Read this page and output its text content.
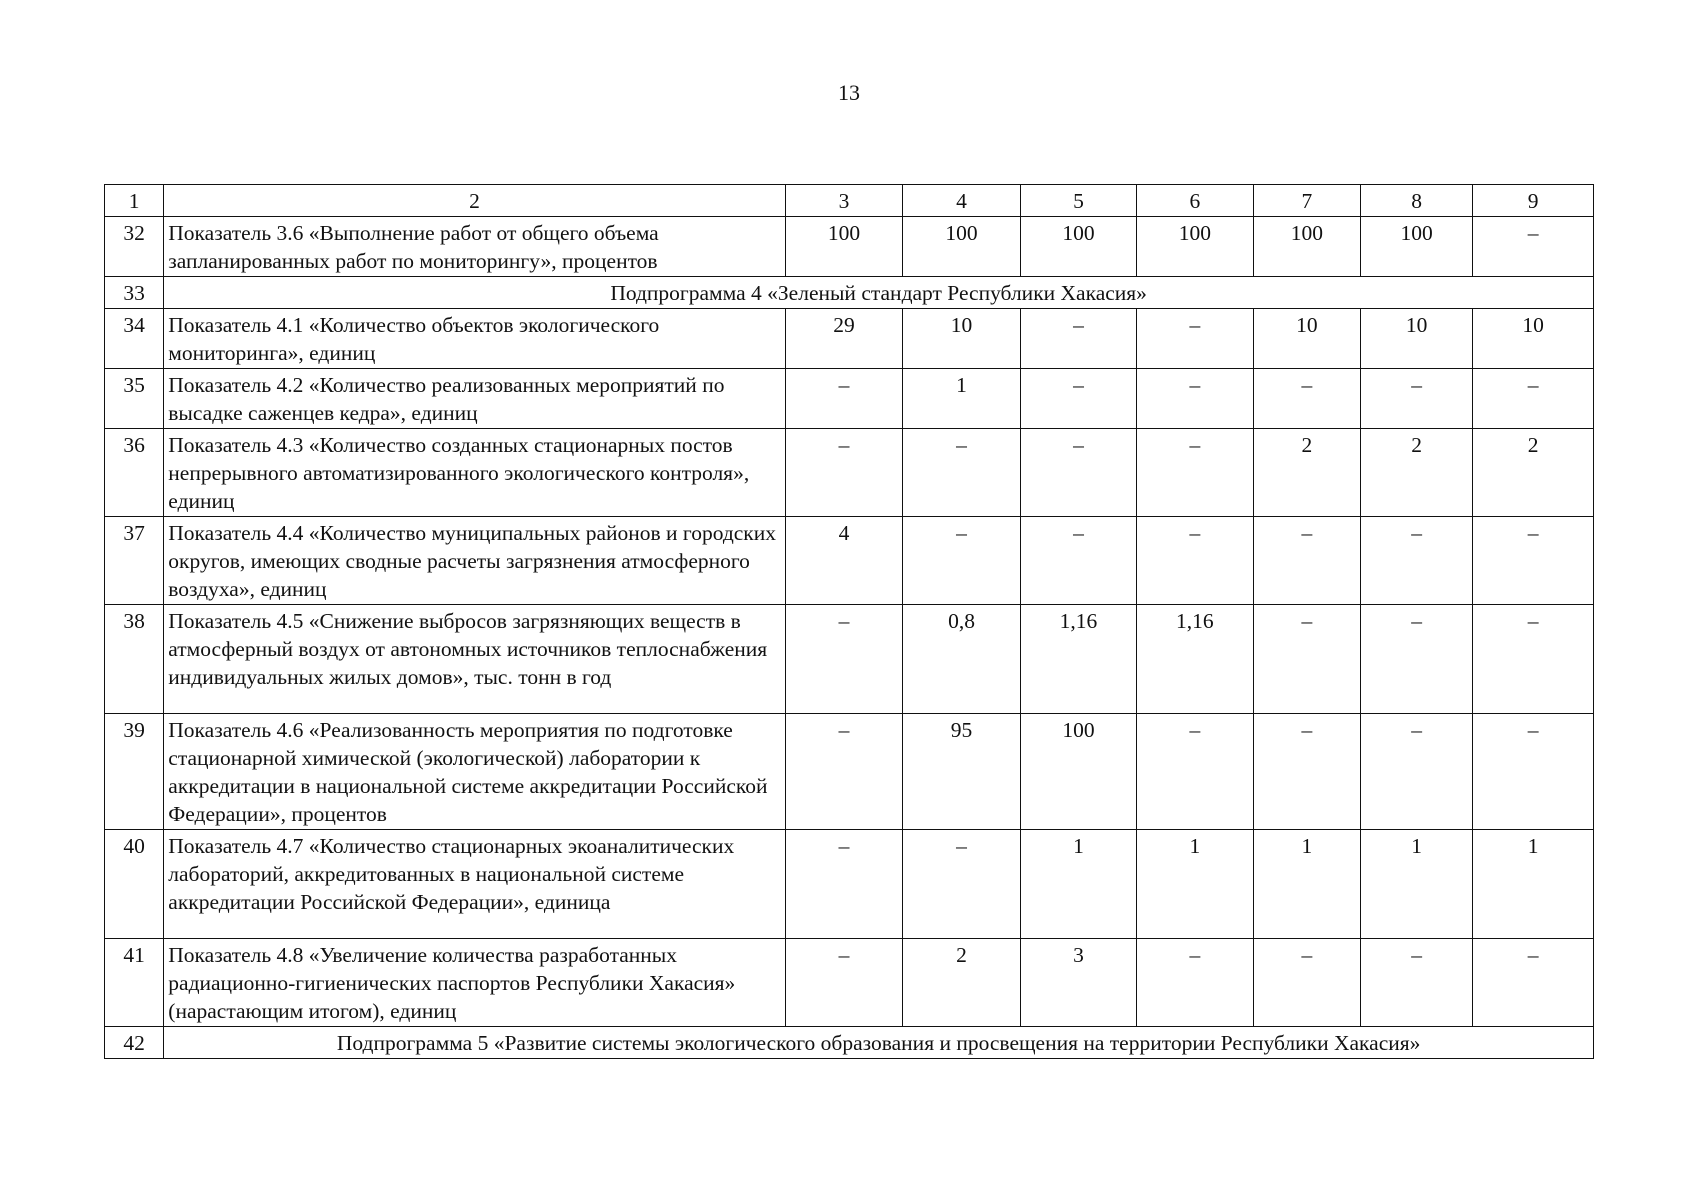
13
1	2	3	4	5	6	7	8	9
32	Показатель 3.6 «Выполнение работ от общего объема запланированных работ по мониторингу», процентов	100	100	100	100	100	100	–
33	Подпрограмма 4 «Зеленый стандарт Республики Хакасия»							
34	Показатель 4.1 «Количество объектов экологического мониторинга», единиц	29	10	–	–	10	10	10
35	Показатель 4.2 «Количество реализованных мероприятий по высадке саженцев кедра», единиц	–	1	–	–	–	–	–
36	Показатель 4.3 «Количество созданных стационарных постов непрерывного автоматизированного экологического контроля», единиц	–	–	–	–	2	2	2
37	Показатель 4.4 «Количество муниципальных районов и городских округов, имеющих сводные расчеты загрязнения атмосферного воздуха», единиц	4	–	–	–	–	–	–
38	Показатель 4.5 «Снижение выбросов загрязняющих веществ в атмосферный воздух от автономных источников теплоснабжения индивидуальных жилых домов», тыс. тонн в год	–	0,8	1,16	1,16	–	–	–
39	Показатель 4.6 «Реализованность мероприятия по подготовке стационарной химической (экологической) лаборатории к аккредитации в национальной системе аккредитации Российской Федерации», процентов	–	95	100	–	–	–	–
40	Показатель 4.7 «Количество стационарных экоаналитических лабораторий, аккредитованных в национальной системе аккредитации Российской Федерации», единица	–	–	1	1	1	1	1
41	Показатель 4.8 «Увеличение количества разработанных радиационно-гигиенических паспортов Республики Хакасия» (нарастающим итогом), единиц	–	2	3	–	–	–	–
42	Подпрограмма 5 «Развитие системы экологического образования и просвещения на территории Республики Хакасия»							
